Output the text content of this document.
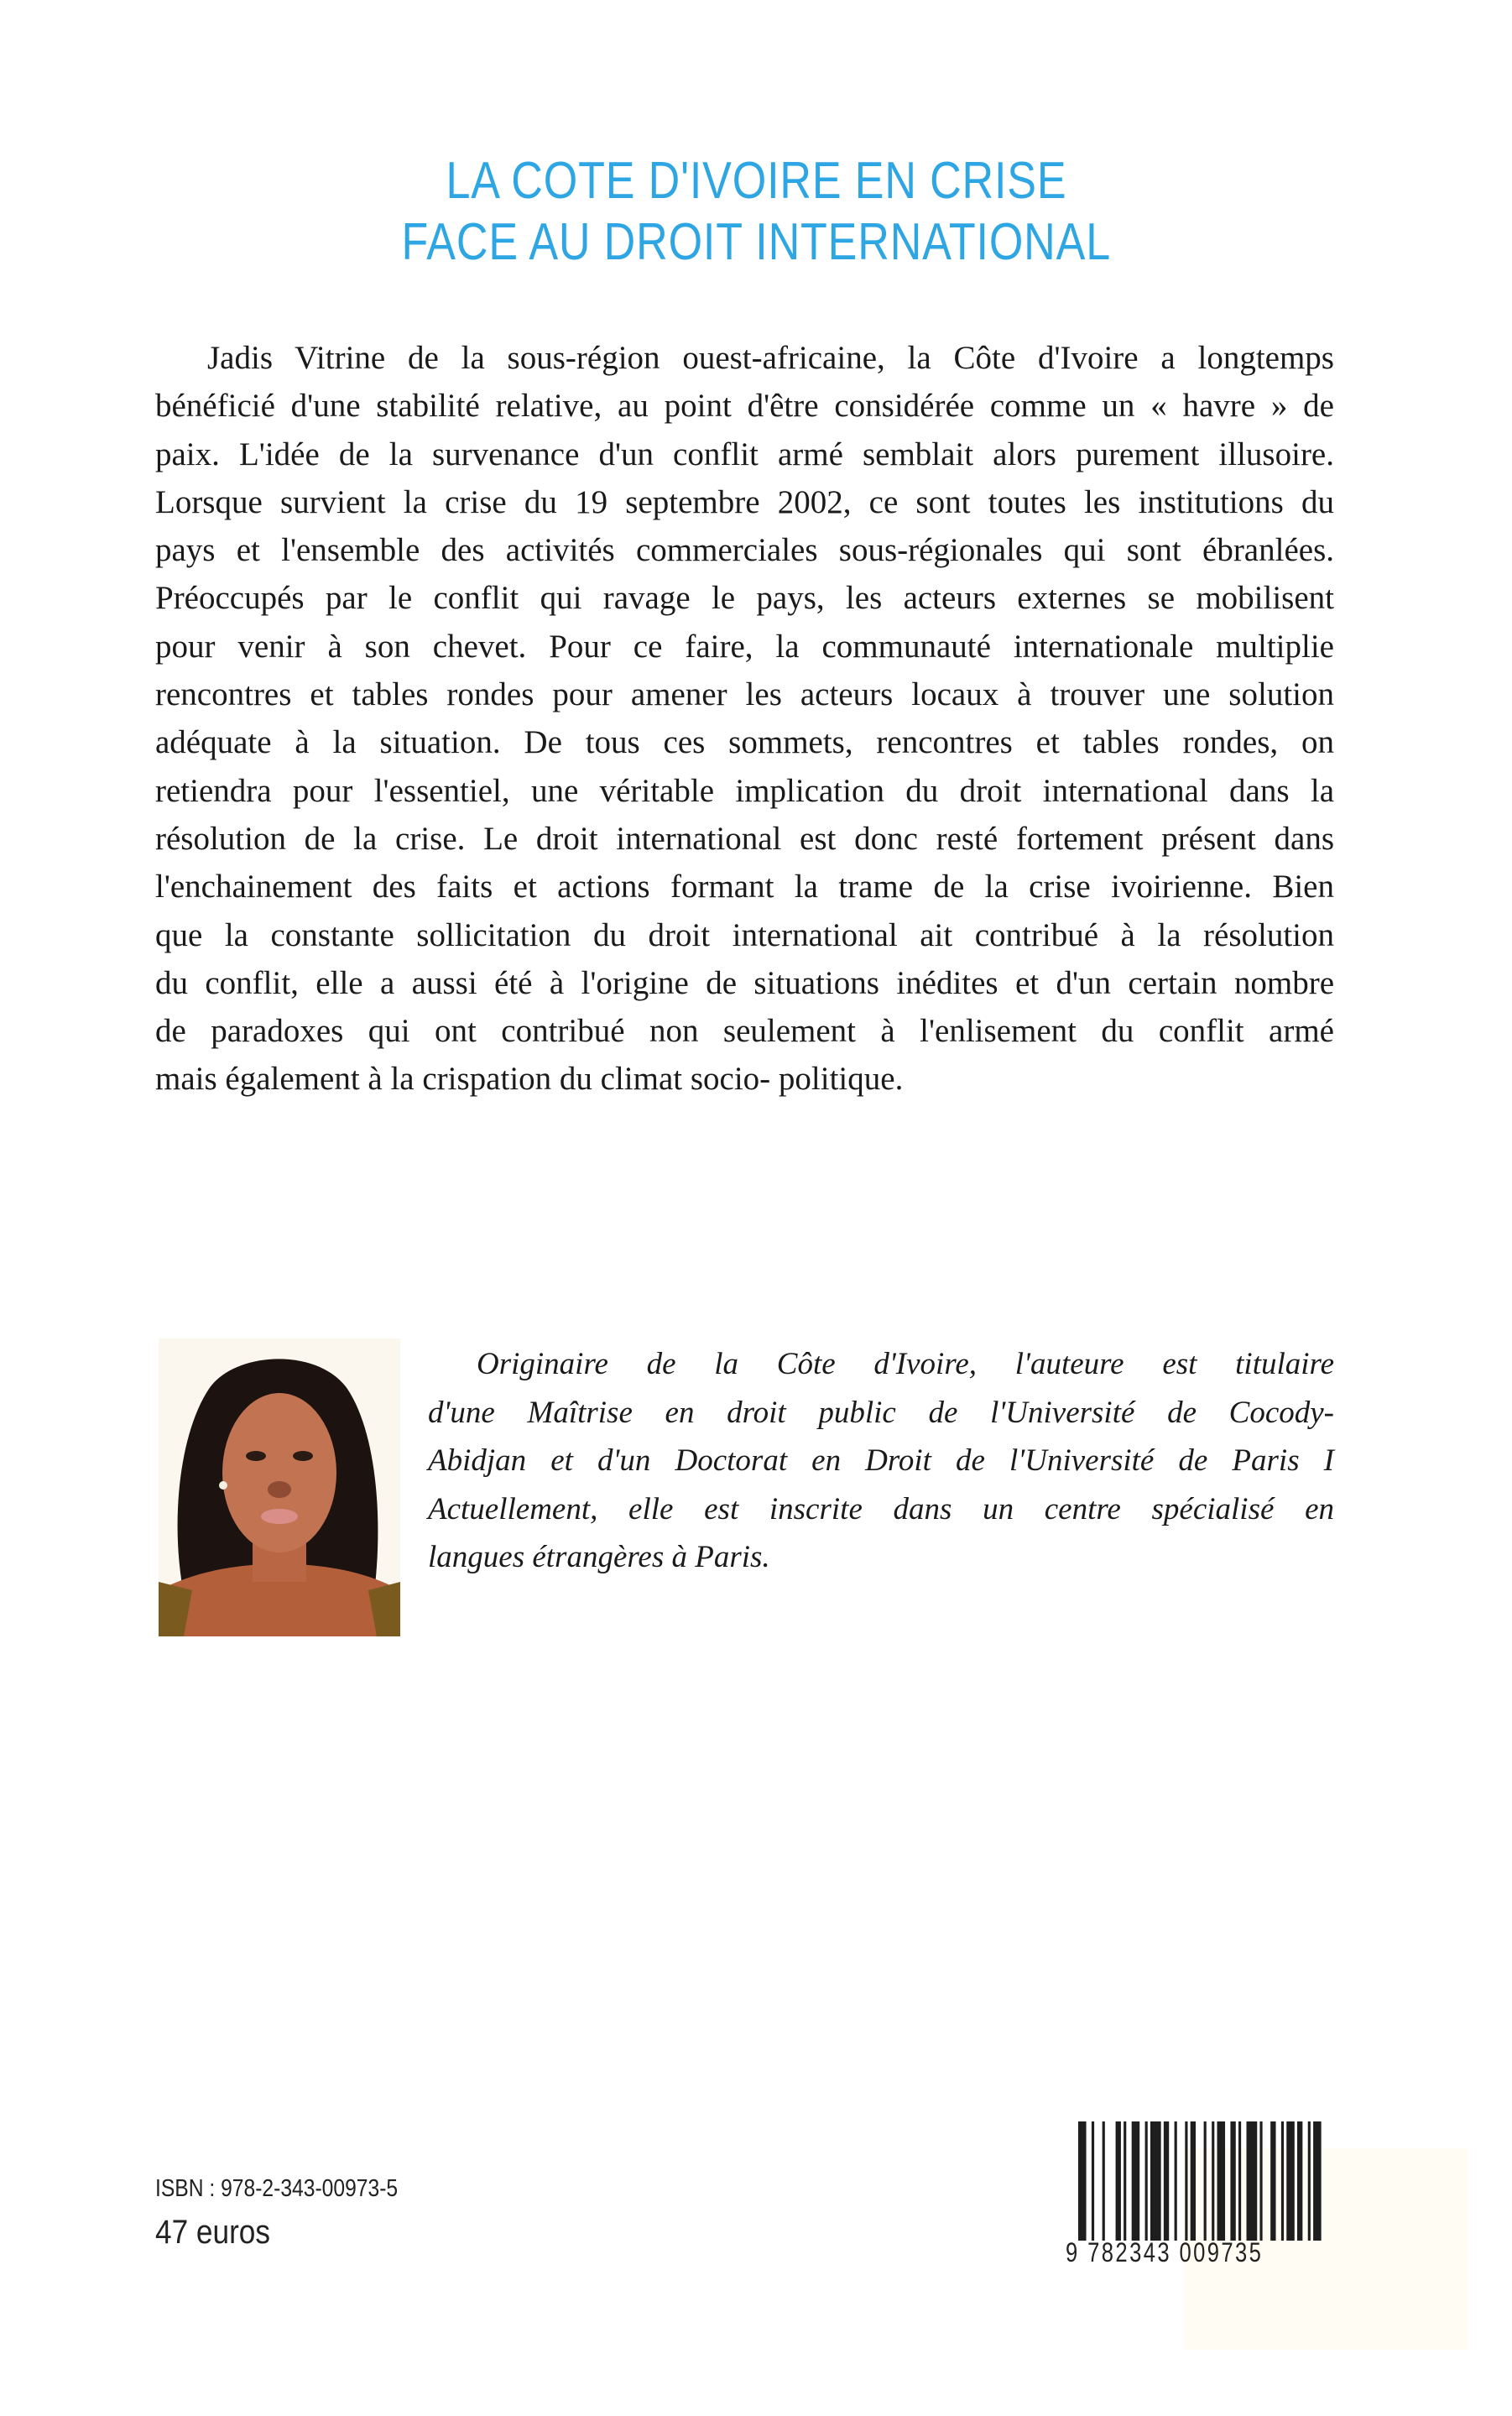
LA COTE D'IVOIRE EN CRISE
FACE AU DROIT INTERNATIONAL
Jadis Vitrine de la sous-région ouest-africaine, la Côte d'Ivoire a longtemps
bénéficié d'une stabilité relative, au point d'être considérée comme un « havre » de
paix. L'idée de la survenance d'un conflit armé semblait alors purement illusoire.
Lorsque survient la crise du 19 septembre 2002, ce sont toutes les institutions du
pays et l'ensemble des activités commerciales sous-régionales qui sont ébranlées.
Préoccupés par le conflit qui ravage le pays, les acteurs externes se mobilisent
pour venir à son chevet. Pour ce faire, la communauté internationale multiplie
rencontres et tables rondes pour amener les acteurs locaux à trouver une solution
adéquate à la situation. De tous ces sommets, rencontres et tables rondes, on
retiendra pour l'essentiel, une véritable implication du droit international dans la
résolution de la crise. Le droit international est donc resté fortement présent dans
l'enchainement des faits et actions formant la trame de la crise ivoirienne. Bien
que la constante sollicitation du droit international ait contribué à la résolution
du conflit, elle a aussi été à l'origine de situations inédites et d'un certain nombre
de paradoxes qui ont contribué non seulement à l'enlisement du conflit armé
mais également à la crispation du climat socio- politique.
Originaire de la Côte d'Ivoire, l'auteure est titulaire
d'une Maîtrise en droit public de l'Université de Cocody-
Abidjan et d'un Doctorat en Droit de l'Université de Paris I
Actuellement, elle est inscrite dans un centre spécialisé en
langues étrangères à Paris.
ISBN : 978-2-343-00973-5
47 euros
9 782343 009735
